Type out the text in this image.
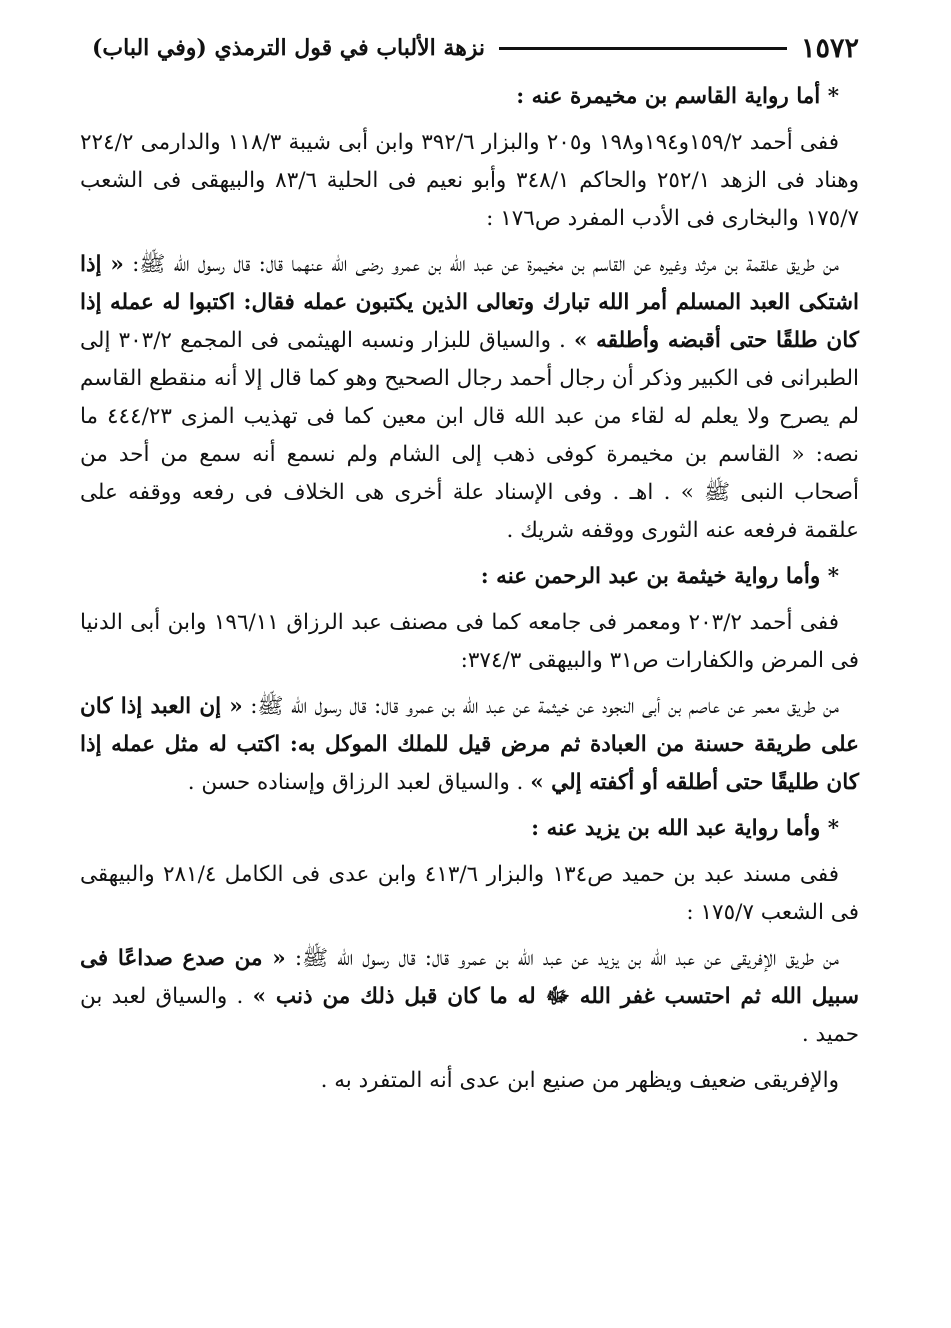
١٥٧٢
نزهة الألباب في قول الترمذي (وفي الباب)

* أما رواية القاسم بن مخيمرة عنه :

ففى أحمد ١٥٩/٢و١٩٤و١٩٨ و٢٠٥ والبزار ٣٩٢/٦ وابن أبى شيبة ١١٨/٣ والدارمى ٢٢٤/٢ وهناد فى الزهد ٢٥٢/١ والحاكم ٣٤٨/١ وأبو نعيم فى الحلية ٨٣/٦ والبيهقى فى الشعب ١٧٥/٧ والبخارى فى الأدب المفرد ص١٧٦ :

من طريق علقمة بن مرثد وغيره عن القاسم بن مخيمرة عن عبد الله بن عمرو رضى الله عنهما قال: قال رسول الله ﷺ: « إذا اشتكى العبد المسلم أمر الله تبارك وتعالى الذين يكتبون عمله فقال: اكتبوا له عمله إذا كان طلقًا حتى أقبضه وأطلقه » . والسياق للبزار ونسبه الهيثمى فى المجمع ٣٠٣/٢ إلى الطبرانى فى الكبير وذكر أن رجال أحمد رجال الصحيح وهو كما قال إلا أنه منقطع القاسم لم يصرح ولا يعلم له لقاء من عبد الله قال ابن معين كما فى تهذيب المزى ٤٤٤/٢٣ ما نصه: « القاسم بن مخيمرة كوفى ذهب إلى الشام ولم نسمع أنه سمع من أحد من أصحاب النبى ﷺ » . اهـ . وفى الإسناد علة أخرى هى الخلاف فى رفعه ووقفه على علقمة فرفعه عنه الثورى ووقفه شريك .

* وأما رواية خيثمة بن عبد الرحمن عنه :

ففى أحمد ٢٠٣/٢ ومعمر فى جامعه كما فى مصنف عبد الرزاق ١٩٦/١١ وابن أبى الدنيا فى المرض والكفارات ص٣١ والبيهقى ٣٧٤/٣:

من طريق معمر عن عاصم بن أبى النجود عن خيثمة عن عبد الله بن عمرو قال: قال رسول الله ﷺ: « إن العبد إذا كان على طريقة حسنة من العبادة ثم مرض قيل للملك الموكل به: اكتب له مثل عمله إذا كان طليقًا حتى أطلقه أو أكفته إلي » . والسياق لعبد الرزاق وإسناده حسن .

* وأما رواية عبد الله بن يزيد عنه :

ففى مسند عبد بن حميد ص١٣٤ والبزار ٤١٣/٦ وابن عدى فى الكامل ٢٨١/٤ والبيهقى فى الشعب ١٧٥/٧ :

من طريق الإفريقى عن عبد الله بن يزيد عن عبد الله بن عمرو قال: قال رسول الله ﷺ: « من صدع صداعًا فى سبيل الله ثم احتسب غفر الله ﷻ له ما كان قبل ذلك من ذنب » . والسياق لعبد بن حميد .

والإفريقى ضعيف ويظهر من صنيع ابن عدى أنه المتفرد به .
